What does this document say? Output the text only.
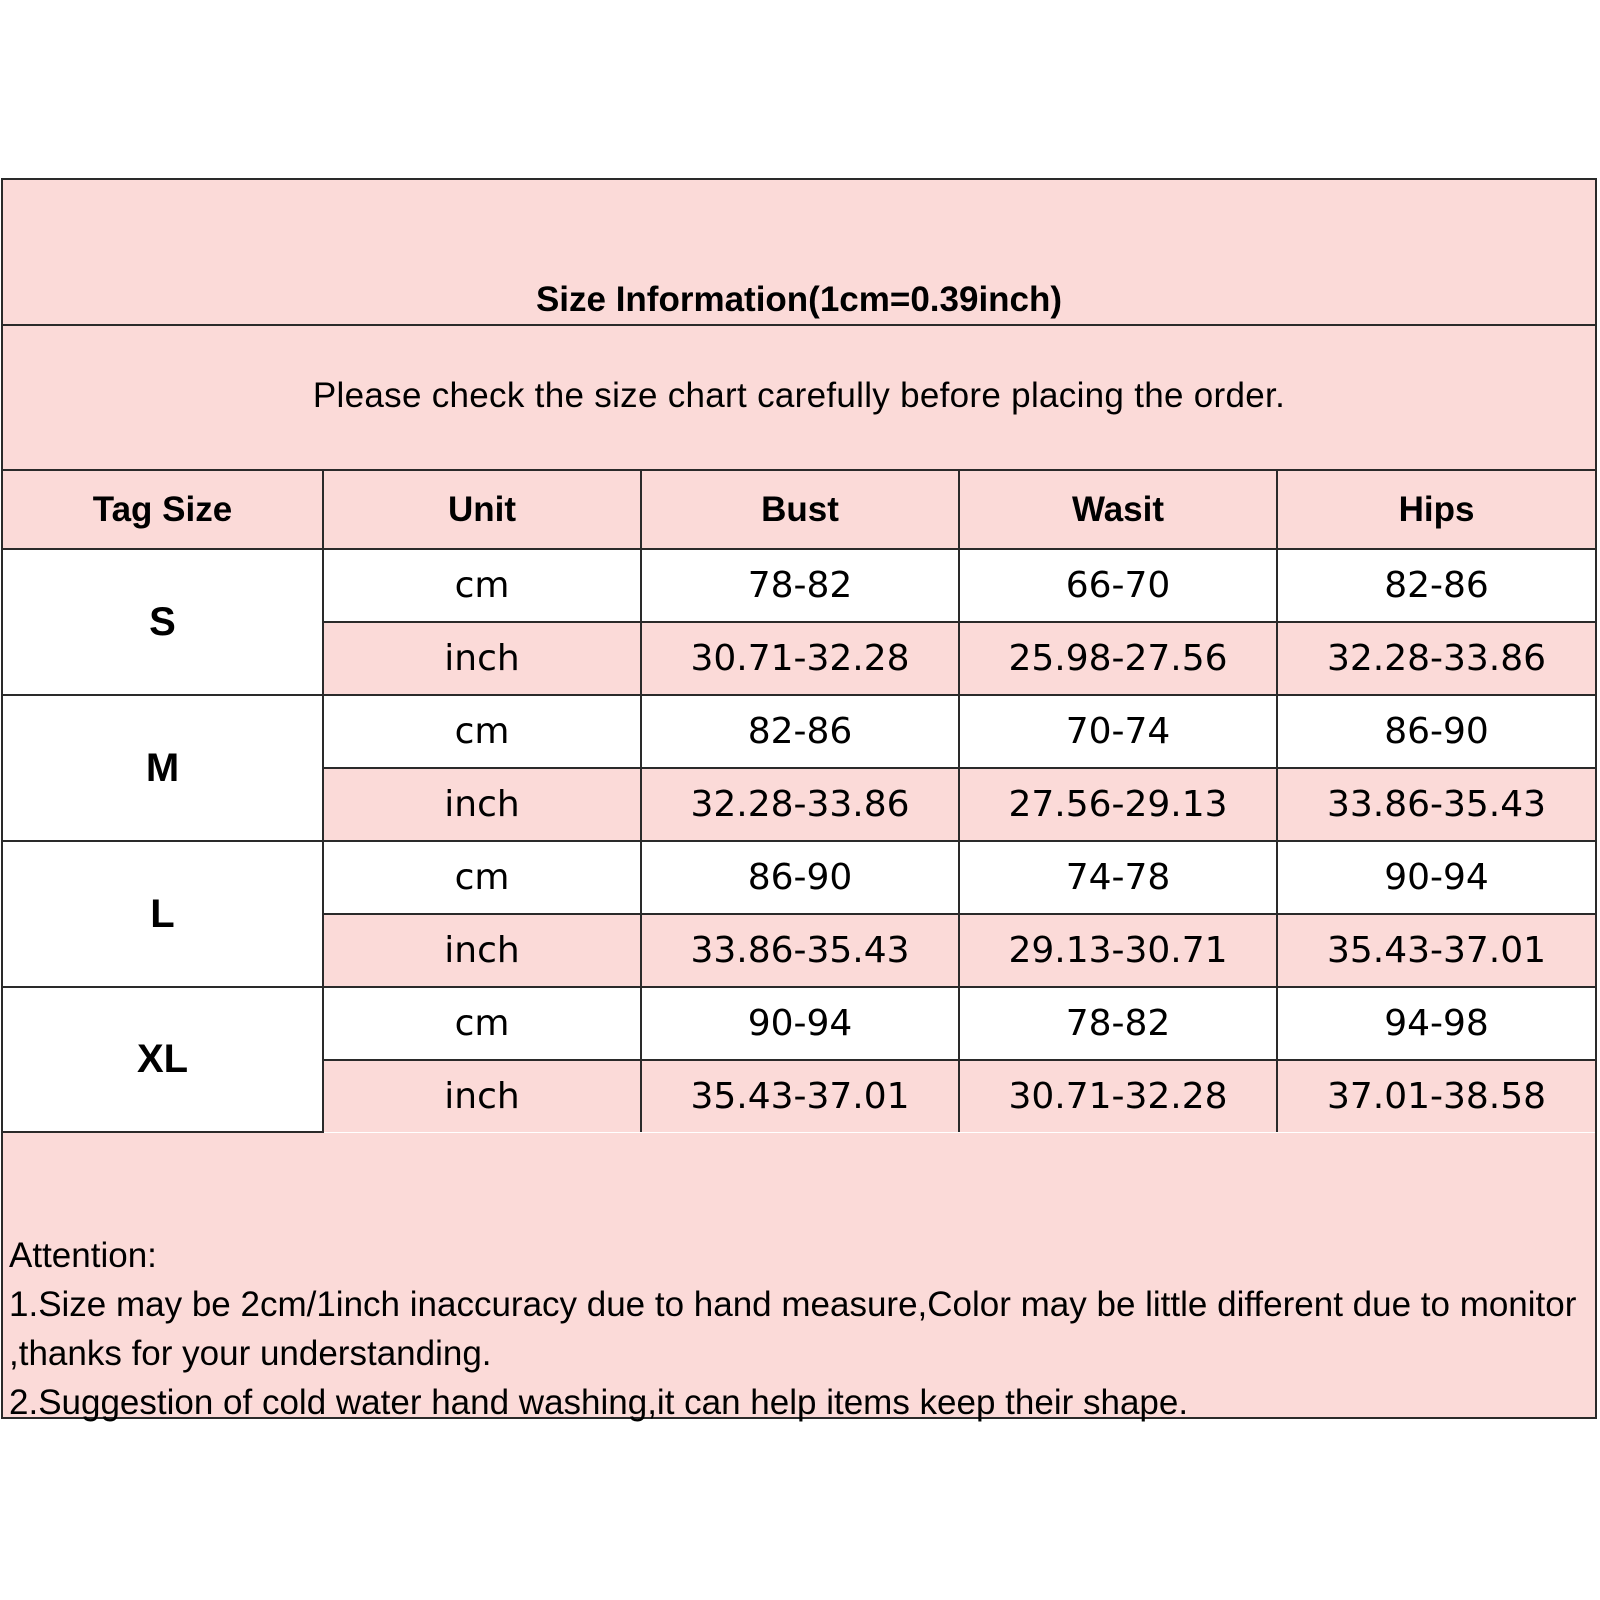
Size Information(1cm=0.39inch)
Please check the size chart carefully before placing the order.
Tag Size	Unit	Bust	Wasit	Hips
S	cm	78-82	66-70	82-86
	inch	30.71-32.28	25.98-27.56	32.28-33.86
M	cm	82-86	70-74	86-90
	inch	32.28-33.86	27.56-29.13	33.86-35.43
L	cm	86-90	74-78	90-94
	inch	33.86-35.43	29.13-30.71	35.43-37.01
XL	cm	90-94	78-82	94-98
	inch	35.43-37.01	30.71-32.28	37.01-38.58
Attention:
1.Size may be 2cm/1inch inaccuracy due to hand measure,Color may be little different due to monitor ,thanks for your understanding.
2.Suggestion of cold water hand washing,it can help items keep their shape.
